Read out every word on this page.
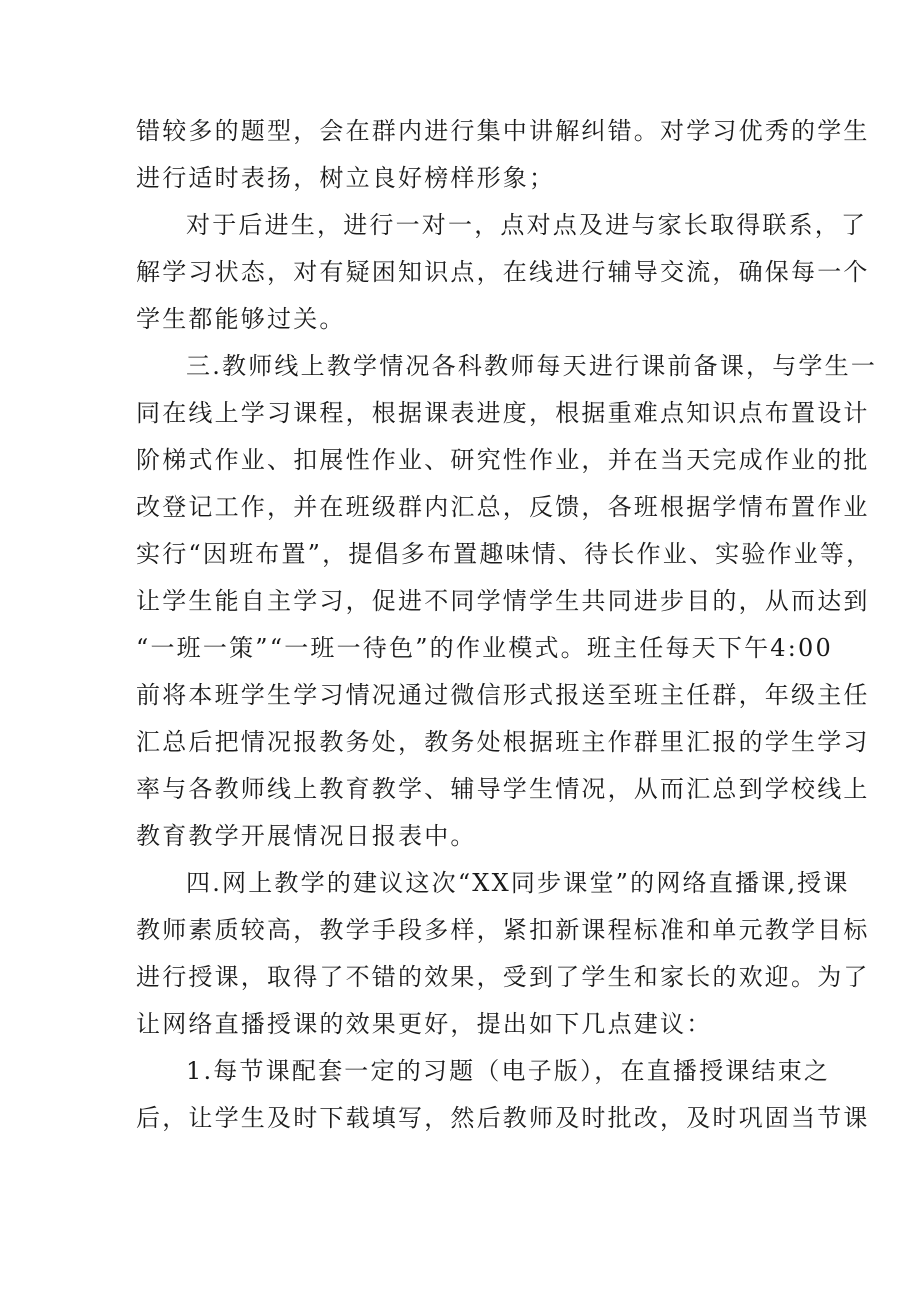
错较多的题型，会在群内进行集中讲解纠错。对学习优秀的学生
进行适时表扬，树立良好榜样形象；
对于后进生，进行一对一，点对点及进与家长取得联系，了
解学习状态，对有疑困知识点，在线进行辅导交流，确保每一个
学生都能够过关。
三.教师线上教学情况各科教师每天进行课前备课，与学生一
同在线上学习课程，根据课表进度，根据重难点知识点布置设计
阶梯式作业、扣展性作业、研究性作业，并在当天完成作业的批
改登记工作，并在班级群内汇总，反馈，各班根据学情布置作业
实行“因班布置”，提倡多布置趣味情、待长作业、实验作业等，
让学生能自主学习，促进不同学情学生共同进步目的，从而达到
“一班一策”“一班一待色”的作业模式。班主任每天下午4:00
前将本班学生学习情况通过微信形式报送至班主任群，年级主任
汇总后把情况报教务处，教务处根据班主作群里汇报的学生学习
率与各教师线上教育教学、辅导学生情况，从而汇总到学校线上
教育教学开展情况日报表中。
四.网上教学的建议这次“XX同步课堂”的网络直播课,授课
教师素质较高，教学手段多样，紧扣新课程标准和单元教学目标
进行授课，取得了不错的效果，受到了学生和家长的欢迎。为了
让网络直播授课的效果更好，提出如下几点建议：
1.每节课配套一定的习题（电子版），在直播授课结束之
后，让学生及时下载填写，然后教师及时批改，及时巩固当节课
